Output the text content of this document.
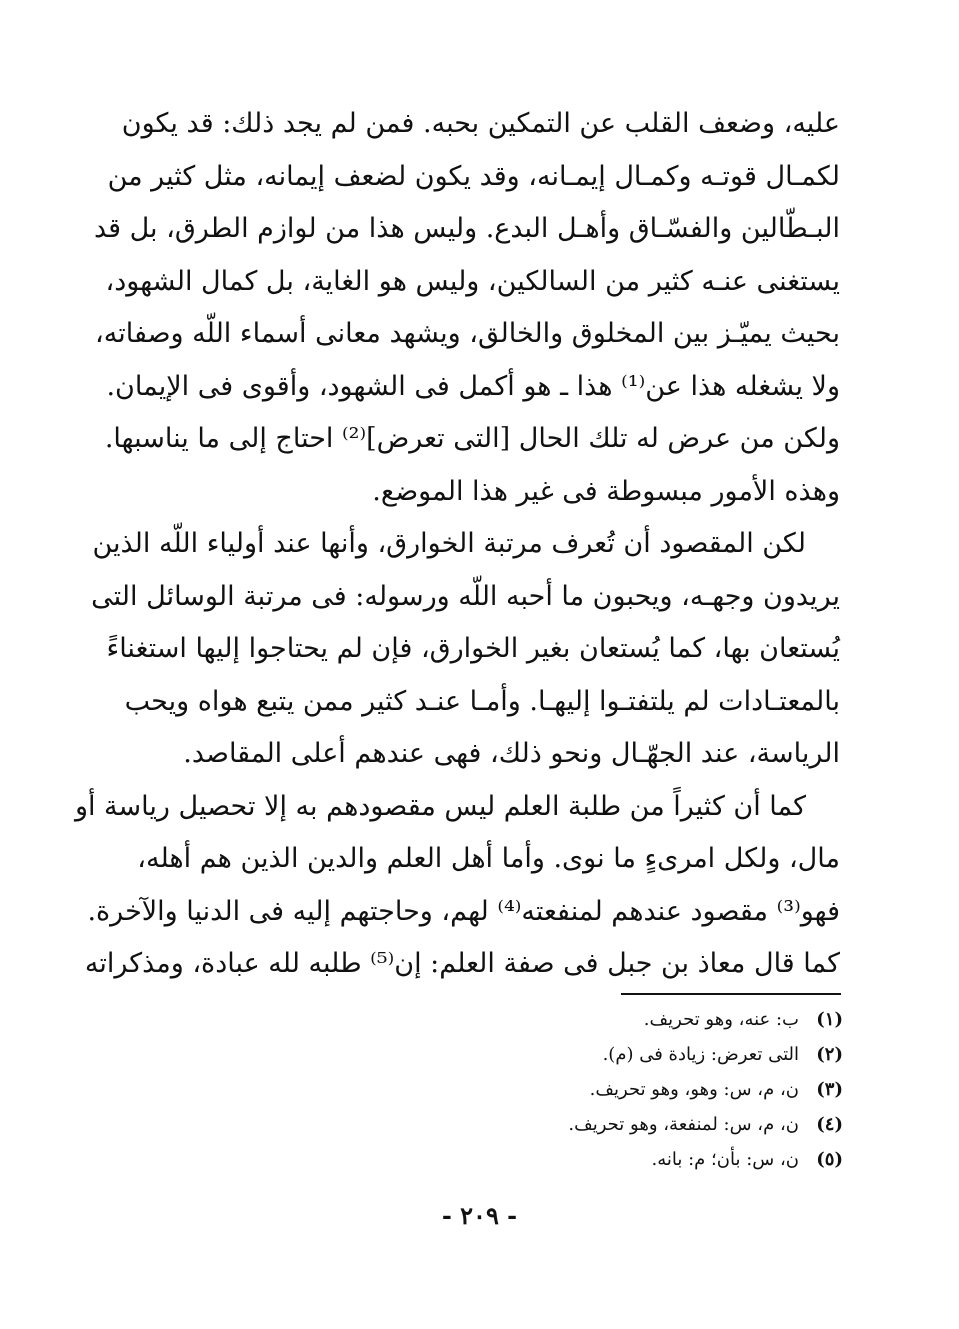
عليه، وضعف القلب عن التمكين بحبه. فمن لم يجد ذلك: قد يكون
لكمـال قوتـه وكمـال إيمـانه، وقد يكون لضعف إيمانه، مثل كثير من
البـطّالين والفسّـاق وأهـل البدع. وليس هذا من لوازم الطرق، بل قد
يستغنى عنـه كثير من السالكين، وليس هو الغاية، بل كمال الشهود،
بحيث يميّـز بين المخلوق والخالق، ويشهد معانى أسماء اللّه وصفاته،
ولا يشغله هذا عن⁽¹⁾ هذا ـ هو أكمل فى الشهود، وأقوى فى الإيمان.
ولكن من عرض له تلك الحال [التى تعرض]⁽²⁾ احتاج إلى ما يناسبها.
وهذه الأمور مبسوطة فى غير هذا الموضع.
لكن المقصود أن تُعرف مرتبة الخوارق، وأنها عند أولياء اللّه الذين
يريدون وجهـه، ويحبون ما أحبه اللّه ورسوله: فى مرتبة الوسائل التى
يُستعان بها، كما يُستعان بغير الخوارق، فإن لم يحتاجوا إليها استغناءً
بالمعتـادات لم يلتفتـوا إليهـا. وأمـا عنـد كثير ممن يتبع هواه ويحب
الرياسة، عند الجهّـال ونحو ذلك، فهى عندهم أعلى المقاصد.
كما أن كثيراً من طلبة العلم ليس مقصودهم به إلا تحصيل رياسة أو
مال، ولكل امرىءٍ ما نوى. وأما أهل العلم والدين الذين هم أهله،
فهو⁽³⁾ مقصود عندهم لمنفعته⁽⁴⁾ لهم، وحاجتهم إليه فى الدنيا والآخرة.
كما قال معاذ بن جبل فى صفة العلم: إن⁽⁵⁾ طلبه لله عبادة، ومذكراته
(١)ب: عنه، وهو تحريف.
(٢)التى تعرض: زيادة فى (م).
(٣)ن، م، س: وهو، وهو تحريف.
(٤)ن، م، س: لمنفعة، وهو تحريف.
(٥)ن، س: بأن؛ م: بانه.
- ٢٠٩ -
